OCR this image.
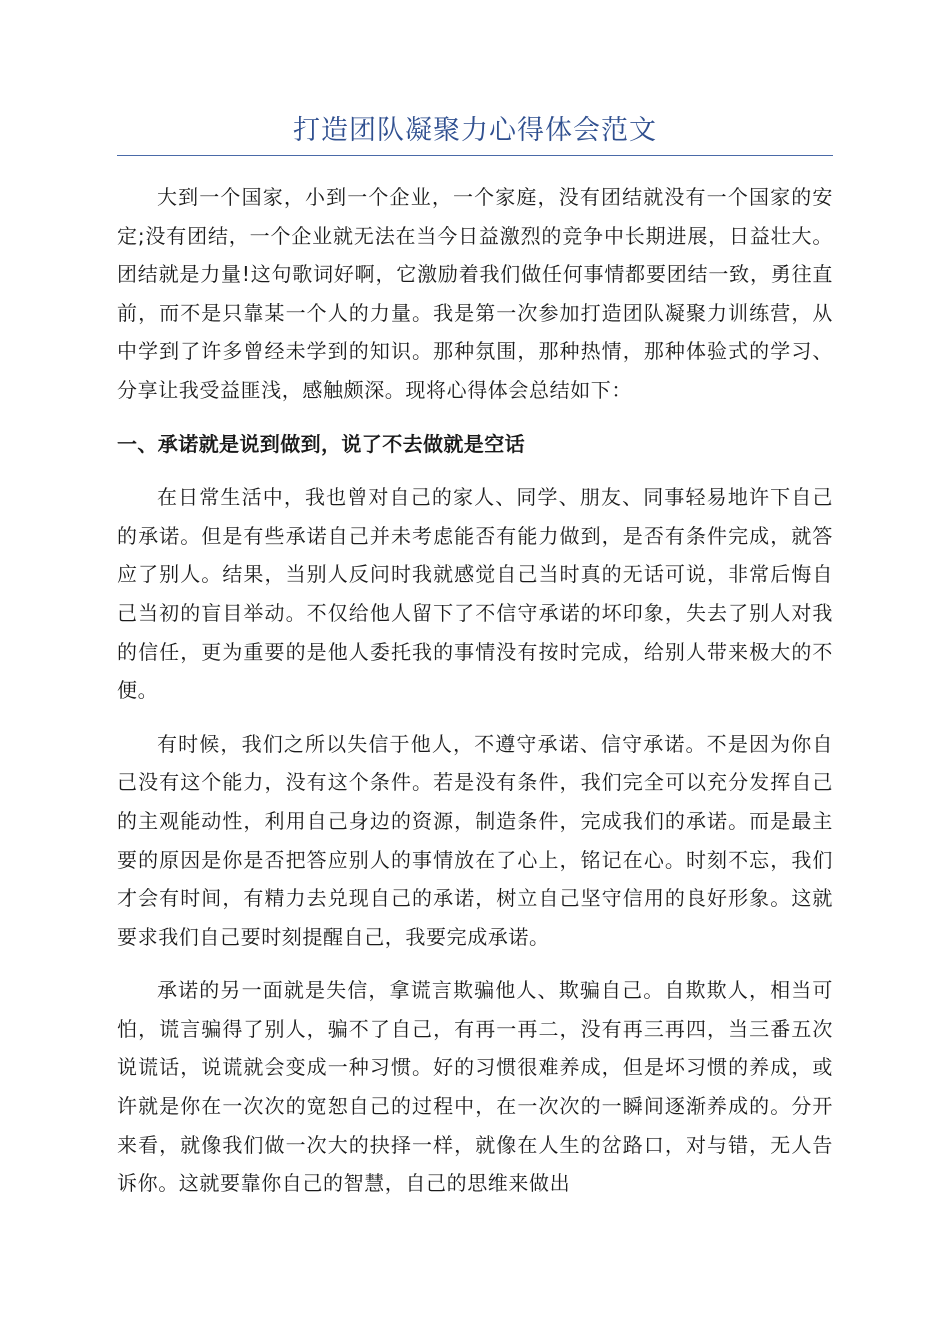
打造团队凝聚力心得体会范文

大到一个国家，小到一个企业，一个家庭，没有团结就没有一个国家的安定;没有团结，一个企业就无法在当今日益激烈的竞争中长期进展，日益壮大。团结就是力量!这句歌词好啊，它激励着我们做任何事情都要团结一致，勇往直前，而不是只靠某一个人的力量。我是第一次参加打造团队凝聚力训练营，从中学到了许多曾经未学到的知识。那种氛围，那种热情，那种体验式的学习、分享让我受益匪浅，感触颇深。现将心得体会总结如下：

一、承诺就是说到做到，说了不去做就是空话

在日常生活中，我也曾对自己的家人、同学、朋友、同事轻易地许下自己的承诺。但是有些承诺自己并未考虑能否有能力做到，是否有条件完成，就答应了别人。结果，当别人反问时我就感觉自己当时真的无话可说，非常后悔自己当初的盲目举动。不仅给他人留下了不信守承诺的坏印象，失去了别人对我的信任，更为重要的是他人委托我的事情没有按时完成，给别人带来极大的不便。

有时候，我们之所以失信于他人，不遵守承诺、信守承诺。不是因为你自己没有这个能力，没有这个条件。若是没有条件，我们完全可以充分发挥自己的主观能动性，利用自己身边的资源，制造条件，完成我们的承诺。而是最主要的原因是你是否把答应别人的事情放在了心上，铭记在心。时刻不忘，我们才会有时间，有精力去兑现自己的承诺，树立自己坚守信用的良好形象。这就要求我们自己要时刻提醒自己，我要完成承诺。

承诺的另一面就是失信，拿谎言欺骗他人、欺骗自己。自欺欺人，相当可怕，谎言骗得了别人，骗不了自己，有再一再二，没有再三再四，当三番五次说谎话，说谎就会变成一种习惯。好的习惯很难养成，但是坏习惯的养成，或许就是你在一次次的宽恕自己的过程中，在一次次的一瞬间逐渐养成的。分开来看，就像我们做一次大的抉择一样，就像在人生的岔路口，对与错，无人告诉你。这就要靠你自己的智慧，自己的思维来做出
